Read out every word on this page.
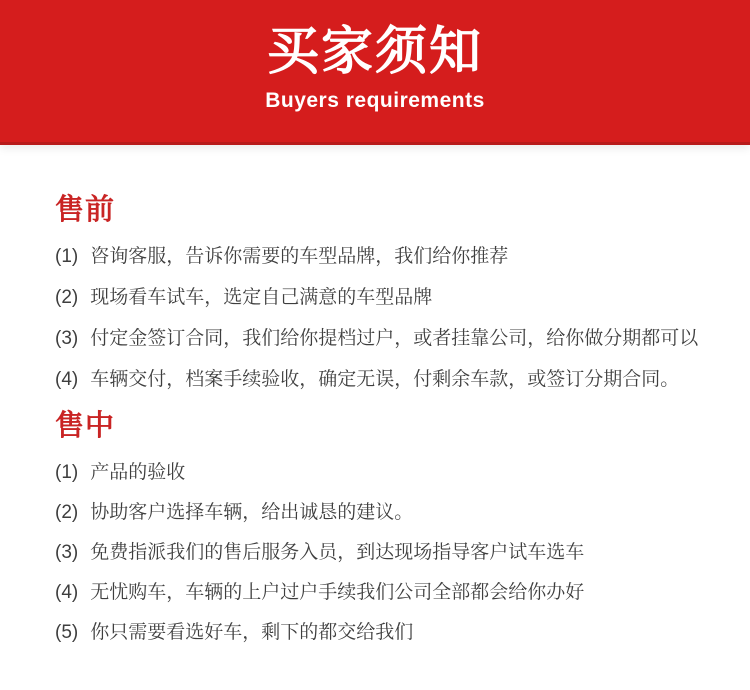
买家须知
Buyers requirements
售前
(1) 咨询客服，告诉你需要的车型品牌，我们给你推荐
(2) 现场看车试车，选定自己满意的车型品牌
(3) 付定金签订合同，我们给你提档过户，或者挂靠公司，给你做分期都可以
(4) 车辆交付，档案手续验收，确定无误，付剩余车款，或签订分期合同。
售中
(1) 产品的验收
(2) 协助客户选择车辆，给出诚恳的建议。
(3) 免费指派我们的售后服务入员，到达现场指导客户试车选车
(4) 无忧购车，车辆的上户过户手续我们公司全部都会给你办好
(5) 你只需要看选好车，剩下的都交给我们
